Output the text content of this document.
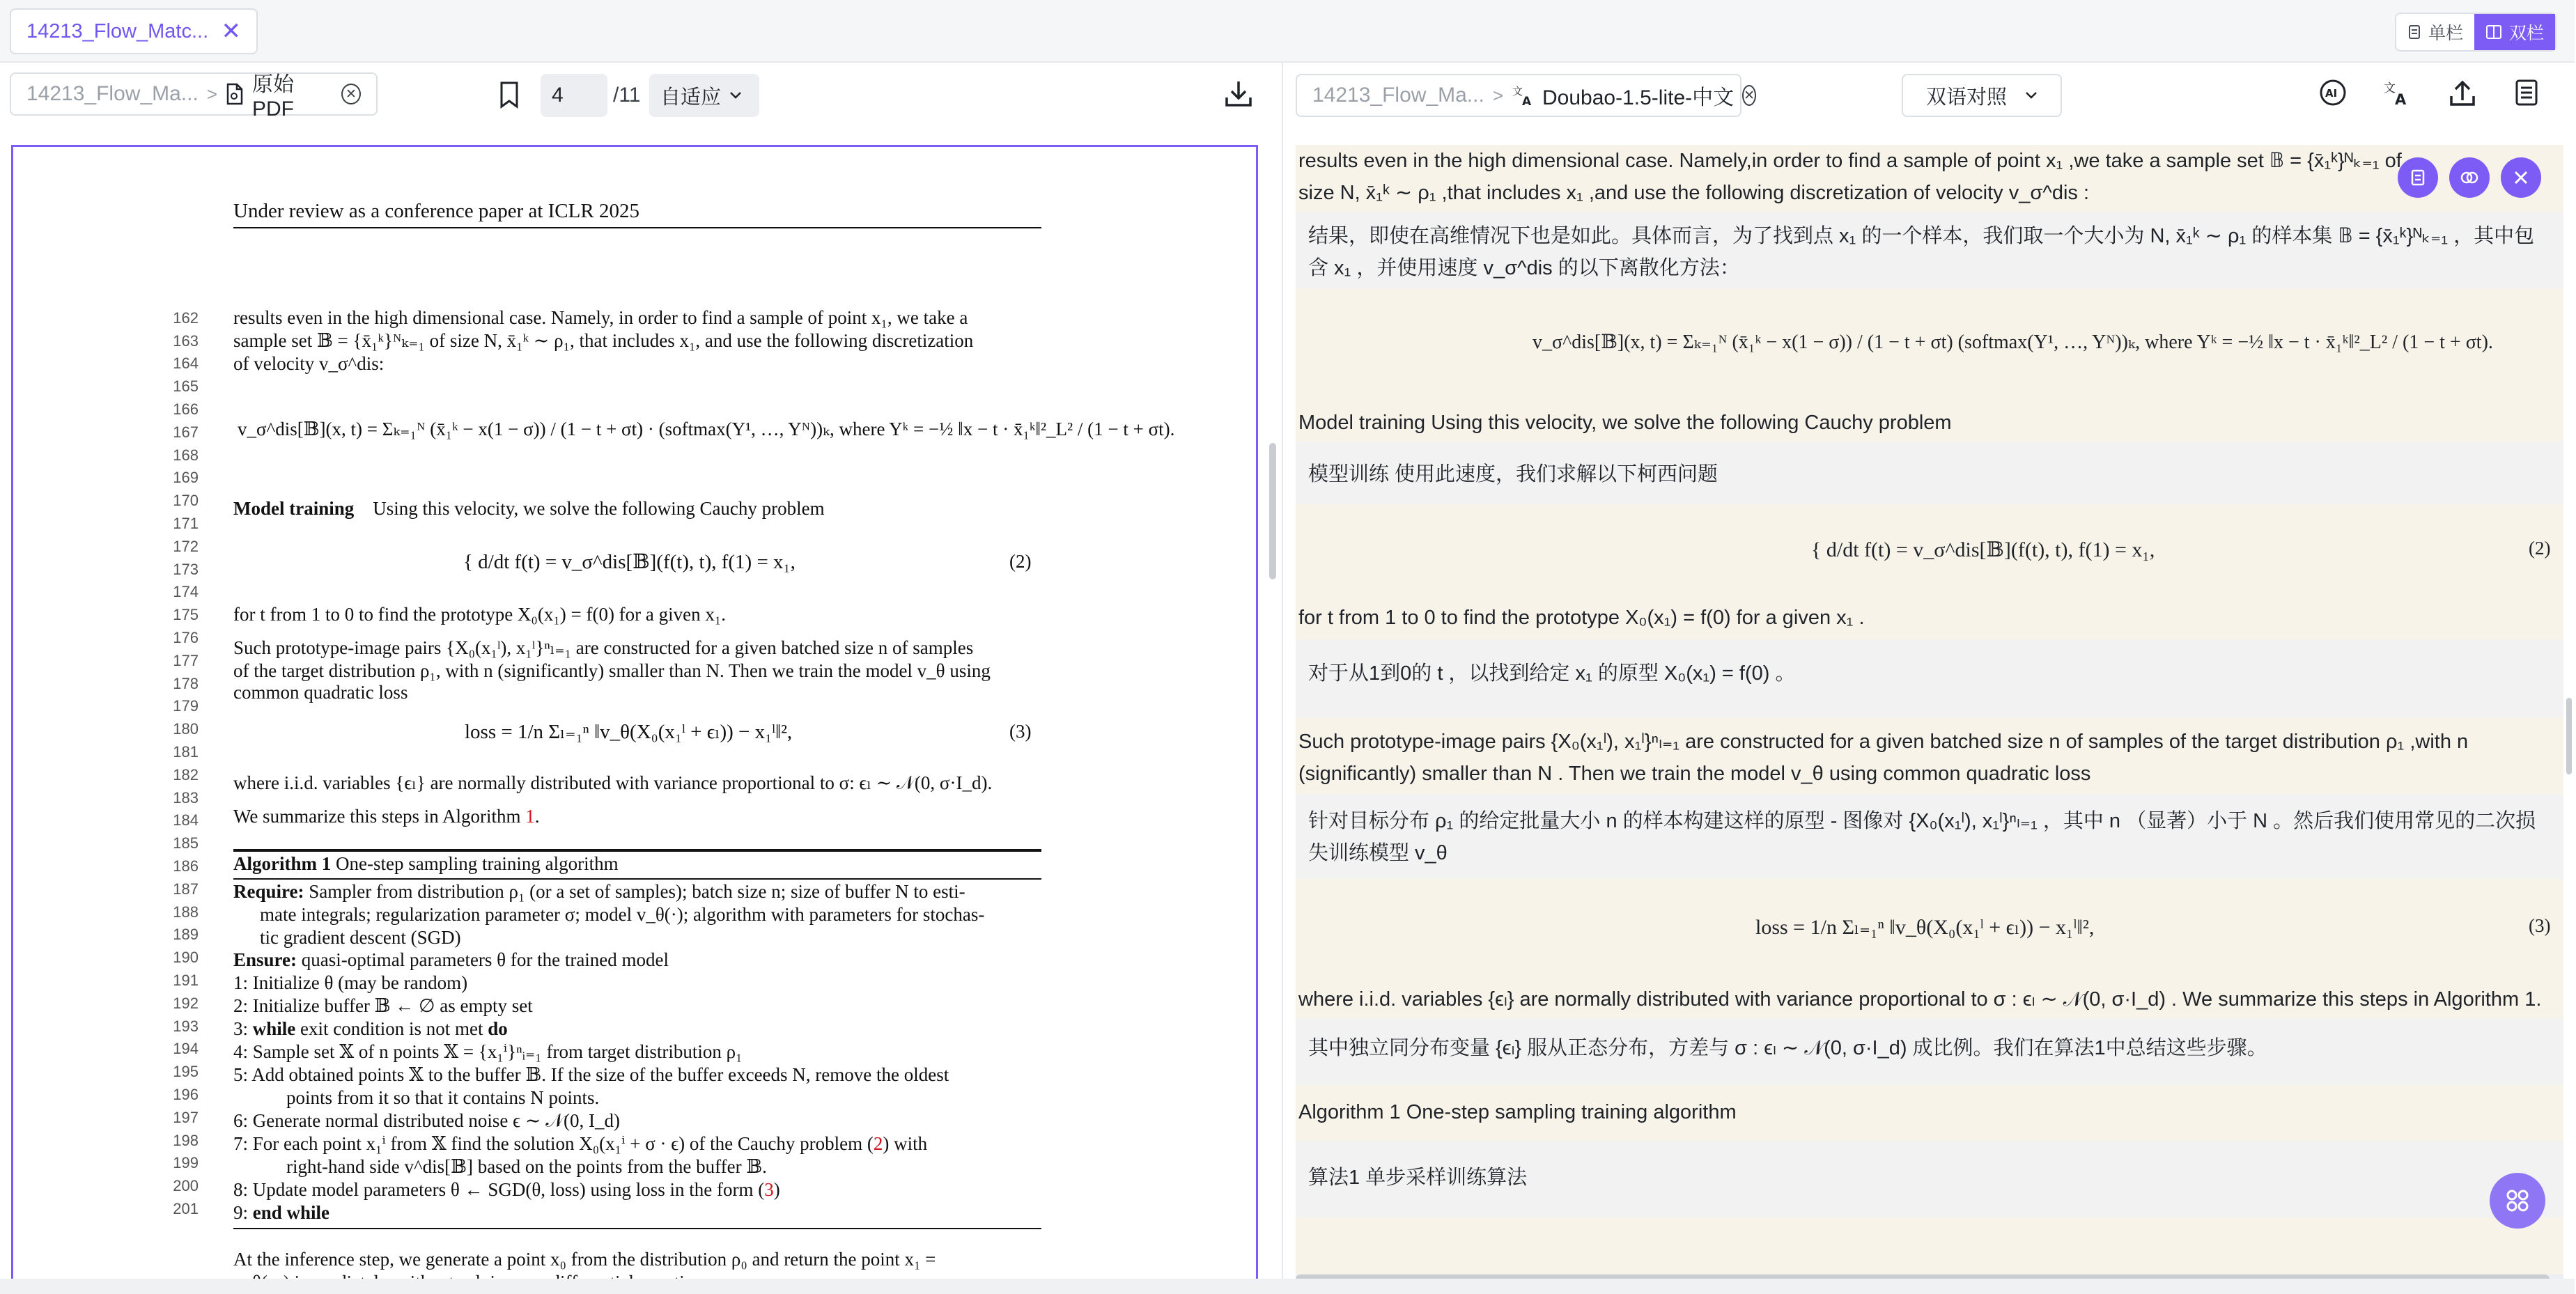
14213_Flow_Matc... ✕	单栏	双栏
14213_Flow_Ma... > 原始 PDF
✕	4	/11 自适应
Under review as a conference paper at ICLR 2025
162
163
164
165
166
167
168
169
170
171
172
173
174
175
176
177
178
179
180
181
182
183
184
185
186
187
188
189
190
191
192
193
194
195
196
197
198
199
200
201
results even in the high dimensional case. Namely, in order to find a sample of point x₁, we take a
sample set 𝔹 = {x̄₁ᵏ}ᴺₖ₌₁ of size N, x̄₁ᵏ ∼ ρ₁, that includes x₁, and use the following discretization
of velocity v_σ^dis:
v_σ^dis[𝔹](x, t) = Σₖ₌₁ᴺ (x̄₁ᵏ − x(1 − σ)) / (1 − t + σt) · (softmax(Y¹, …, Yᴺ))ₖ, where Yᵏ = −½ ‖x − t · x̄₁ᵏ‖²_L² / (1 − t + σt).
Model training Using this velocity, we solve the following Cauchy problem
{ d/dt f(t) = v_σ^dis[𝔹](f(t), t), f(1) = x₁,	(2)
for t from 1 to 0 to find the prototype X₀(x₁) = f(0) for a given x₁.
Such prototype-image pairs {X₀(x₁ˡ), x₁ˡ}ⁿₗ₌₁ are constructed for a given batched size n of samples
of the target distribution ρ₁, with n (significantly) smaller than N. Then we train the model v_θ using
common quadratic loss
loss = 1/n Σₗ₌₁ⁿ ‖v_θ(X₀(x₁ˡ + ϵₗ)) − x₁ˡ‖²,	(3)
where i.i.d. variables {ϵₗ} are normally distributed with variance proportional to σ: ϵₗ ∼ 𝒩(0, σ·I_d).
We summarize this steps in Algorithm 1.
Algorithm 1 One-step sampling training algorithm
Require: Sampler from distribution ρ₁ (or a set of samples); batch size n; size of buffer N to esti-
mate integrals; regularization parameter σ; model v_θ(·); algorithm with parameters for stochas-
tic gradient descent (SGD)
Ensure: quasi-optimal parameters θ for the trained model
1: Initialize θ (may be random)
2: Initialize buffer 𝔹 ← ∅ as empty set
3: while exit condition is not met do
4: Sample set 𝕏 of n points 𝕏 = {x₁ⁱ}ⁿᵢ₌₁ from target distribution ρ₁
5: Add obtained points 𝕏 to the buffer 𝔹. If the size of the buffer exceeds N, remove the oldest
points from it so that it contains N points.
6: Generate normal distributed noise ϵ ∼ 𝒩(0, I_d)
7: For each point x₁ⁱ from 𝕏 find the solution X₀(x₁ⁱ + σ · ϵ) of the Cauchy problem (2) with
right-hand side v^dis[𝔹] based on the points from the buffer 𝔹.
8: Update model parameters θ ← SGD(θ, loss) using loss in the form (3)
9: end while
At the inference step, we generate a point x₀ from the distribution ρ₀ and return the point x₁ =
14213_Flow_Ma... > 文
A Doubao-1.5-lite-中文 ✕	双语对照	AI	文
A
results even in the high dimensional case. Namely,in order to find a sample of point x₁ ,we take a sample set 𝔹 = {x̄₁ᵏ}ᴺₖ₌₁ of size N, x̄₁ᵏ ∼ ρ₁ ,that includes x₁ ,and use the following discretization of velocity v_σ^dis :
结果，即使在高维情况下也是如此。具体而言，为了找到点 x₁ 的一个样本，我们取一个大小为 N, x̄₁ᵏ ∼ ρ₁ 的样本集 𝔹 = {x̄₁ᵏ}ᴺₖ₌₁ ，其中包含 x₁ ，并使用速度 v_σ^dis 的以下离散化方法：
v_σ^dis[𝔹](x, t) = Σₖ₌₁ᴺ (x̄₁ᵏ − x(1 − σ)) / (1 − t + σt) (softmax(Y¹, …, Yᴺ))ₖ, where Yᵏ = −½ ‖x − t · x̄₁ᵏ‖²_L² / (1 − t + σt).
Model training Using this velocity, we solve the following Cauchy problem
模型训练 使用此速度，我们求解以下柯西问题
{ d/dt f(t) = v_σ^dis[𝔹](f(t), t), f(1) = x₁,	(2)
for t from 1 to 0 to find the prototype X₀(x₁) = f(0) for a given x₁ .
对于从1到0的 t ，以找到给定 x₁ 的原型 X₀(x₁) = f(0) 。
Such prototype-image pairs {X₀(x₁ˡ), x₁ˡ}ⁿₗ₌₁ are constructed for a given batched size n of samples of the target distribution ρ₁ ,with n (significantly) smaller than N . Then we train the model v_θ using common quadratic loss
针对目标分布 ρ₁ 的给定批量大小 n 的样本构建这样的原型 - 图像对 {X₀(x₁ˡ), x₁ˡ}ⁿₗ₌₁ ，其中 n （显著）小于 N 。然后我们使用常见的二次损失训练模型 v_θ
loss = 1/n Σₗ₌₁ⁿ ‖v_θ(X₀(x₁ˡ + ϵₗ)) − x₁ˡ‖²,	(3)
where i.i.d. variables {ϵₗ} are normally distributed with variance proportional to σ : ϵₗ ∼ 𝒩(0, σ·I_d) . We summarize this steps in Algorithm 1.
其中独立同分布变量 {ϵₗ} 服从正态分布，方差与 σ : ϵₗ ∼ 𝒩(0, σ·I_d) 成比例。我们在算法1中总结这些步骤。
Algorithm 1 One-step sampling training algorithm
算法1 单步采样训练算法
